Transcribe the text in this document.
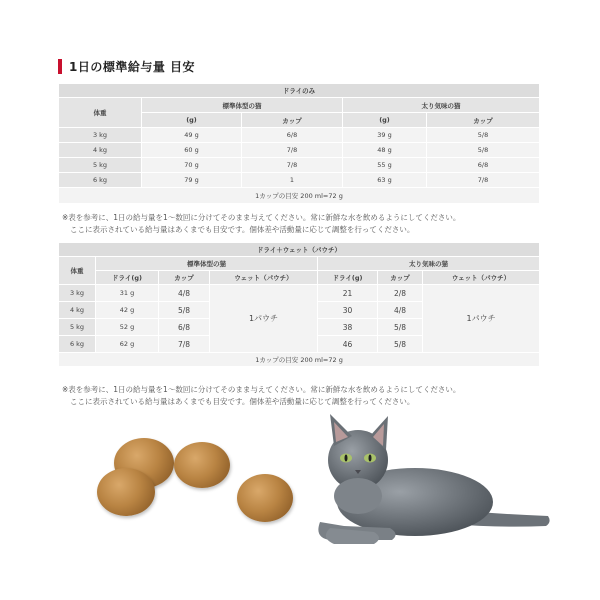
1日の標準給与量 目安
ドライのみ				
体重	標準体型の猫		太り気味の猫	
	(g)	カップ	(g)	カップ
3 kg	49 g	6/8	39 g	5/8
4 kg	60 g	7/8	48 g	5/8
5 kg	70 g	7/8	55 g	6/8
6 kg	79 g	1	63 g	7/8
1カップの目安 200 ml=72 g				
※表を参考に、1日の給与量を1～数回に分けてそのまま与えてください。常に新鮮な水を飲めるようにしてください。
ここに表示されている給与量はあくまでも目安です。個体差や活動量に応じて調整を行ってください。
ドライ＋ウェット（パウチ）						
体重	標準体型の猫			太り気味の猫		
	ドライ(g)	カップ	ウェット（パウチ）	ドライ(g)	カップ	ウェット（パウチ）
3 kg	31 g	4/8	1パウチ	21	2/8	1パウチ
4 kg	42 g	5/8		30	4/8	
5 kg	52 g	6/8		38	5/8	
6 kg	62 g	7/8		46	5/8	
1カップの目安 200 ml=72 g						
※表を参考に、1日の給与量を1～数回に分けてそのまま与えてください。常に新鮮な水を飲めるようにしてください。
ここに表示されている給与量はあくまでも目安です。個体差や活動量に応じて調整を行ってください。
